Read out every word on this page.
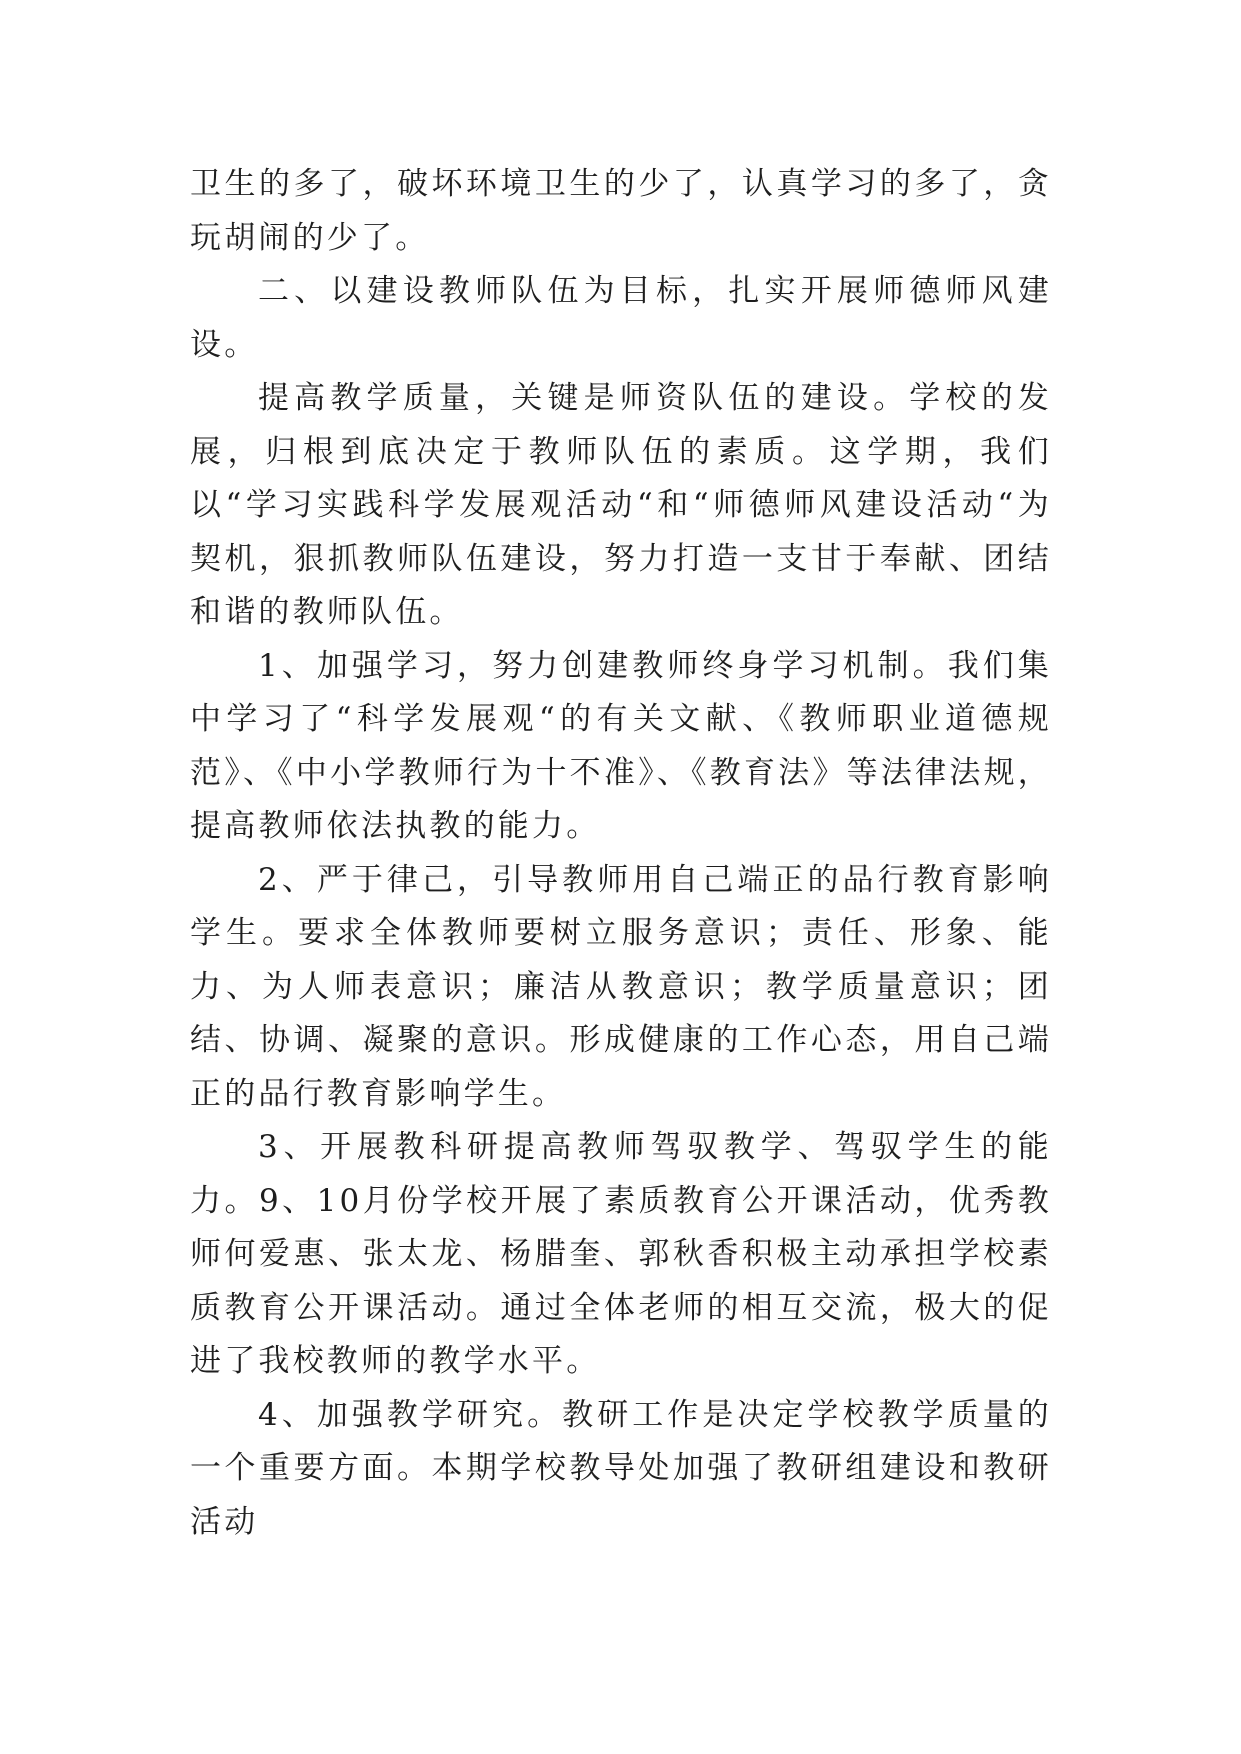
卫生的多了，破坏环境卫生的少了，认真学习的多了，贪玩胡闹的少了。

二、以建设教师队伍为目标，扎实开展师德师风建设。

提高教学质量，关键是师资队伍的建设。学校的发展，归根到底决定于教师队伍的素质。这学期，我们以“学习实践科学发展观活动“和“师德师风建设活动“为契机，狠抓教师队伍建设，努力打造一支甘于奉献、团结和谐的教师队伍。

1、加强学习，努力创建教师终身学习机制。我们集中学习了“科学发展观“的有关文献、《教师职业道德规范》、《中小学教师行为十不准》、《教育法》等法律法规，提高教师依法执教的能力。

2、严于律己，引导教师用自己端正的品行教育影响学生。要求全体教师要树立服务意识；责任、形象、能力、为人师表意识；廉洁从教意识；教学质量意识；团结、协调、凝聚的意识。形成健康的工作心态，用自己端正的品行教育影响学生。

3、开展教科研提高教师驾驭教学、驾驭学生的能力。9、10月份学校开展了素质教育公开课活动，优秀教师何爱惠、张太龙、杨腊奎、郭秋香积极主动承担学校素质教育公开课活动。通过全体老师的相互交流，极大的促进了我校教师的教学水平。

4、加强教学研究。教研工作是决定学校教学质量的一个重要方面。本期学校教导处加强了教研组建设和教研活动
